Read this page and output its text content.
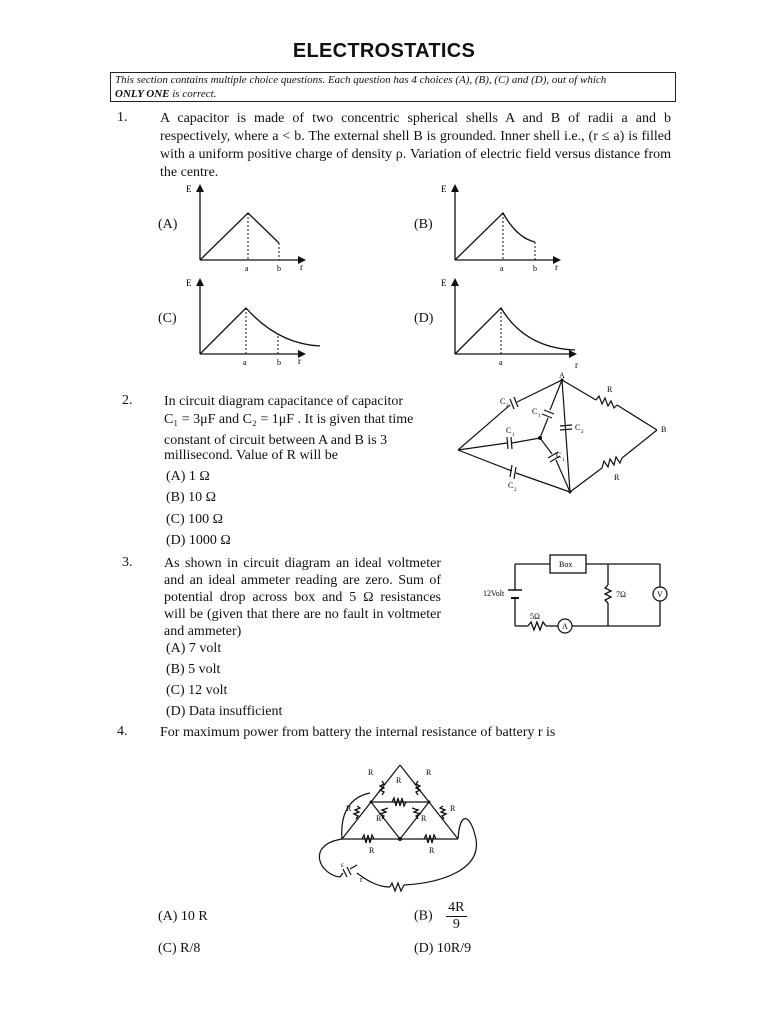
ELECTROSTATICS
This section contains multiple choice questions. Each question has 4 choices (A), (B), (C) and (D), out of which
ONLY ONE is correct.
1. A capacitor is made of two concentric spherical shells A and B of radii a and b respectively, where a < b. The external shell B is grounded. Inner shell i.e., (r ≤ a) is filled with a uniform positive charge of density ρ. Variation of electric field versus distance from the centre.
(A)	(B)
(C)	(D)
E
a	b r
E
a	b r
E
a	b r
E
a	r
2. In circuit diagram capacitance of capacitor
C₁ = 3μF and C₂ = 1μF . It is given that time
constant of circuit between A and B is 3
millisecond. Value of R will be
(A) 1 Ω
(B) 10 Ω
(C) 100 Ω
(D) 1000 Ω
A
B
R
R
C
2
C
1
C
1
C
2
C
1
C
2
3. As shown in circuit diagram an ideal voltmeter and an ideal ammeter reading are zero. Sum of potential drop across box and 5 Ω resistances will be (given that there are no fault in voltmeter and ammeter)
(A) 7 volt
(B) 5 volt
(C) 12 volt
(D) Data insufficient
Box
12Volt
5Ω
7Ω
A
V
4. For maximum power from battery the internal resistance of battery r is
R	R
R
R	R
R	R
R	R
ε
r
(A) 10 R	$(B) \frac{4R}{9}$
(C) R/8	(D) 10R/9
